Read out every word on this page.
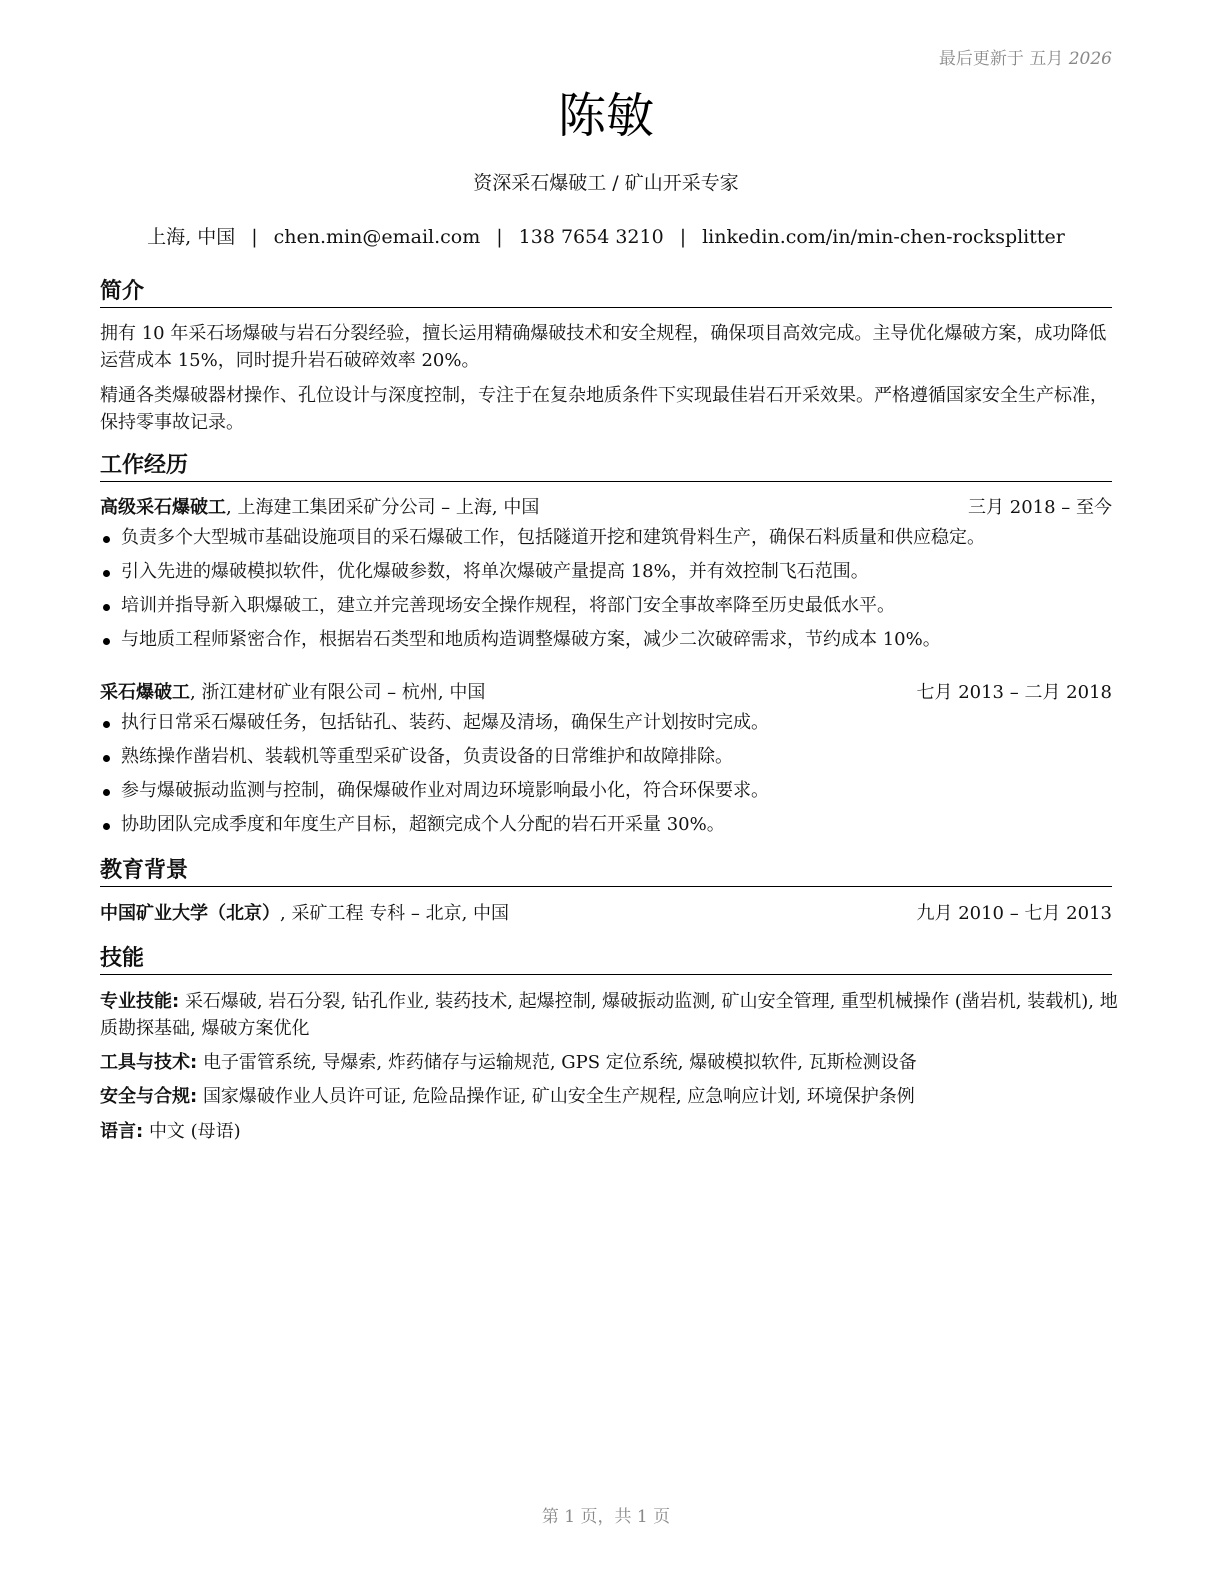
最后更新于 五月 2026
陈敏
资深采石爆破工 / 矿山开采专家
上海, 中国 | chen.min@email.com | 138 7654 3210 | linkedin.com/in/min-chen-rocksplitter
简介
拥有 10 年采石场爆破与岩石分裂经验，擅长运用精确爆破技术和安全规程，确保项目高效完成。主导优化爆破方案，成功降低运营成本 15%，同时提升岩石破碎效率 20%。
精通各类爆破器材操作、孔位设计与深度控制，专注于在复杂地质条件下实现最佳岩石开采效果。严格遵循国家安全生产标准，保持零事故记录。
工作经历
高级采石爆破工, 上海建工集团采矿分公司 – 上海, 中国	三月 2018 – 至今
负责多个大型城市基础设施项目的采石爆破工作，包括隧道开挖和建筑骨料生产，确保石料质量和供应稳定。
引入先进的爆破模拟软件，优化爆破参数，将单次爆破产量提高 18%，并有效控制飞石范围。
培训并指导新入职爆破工，建立并完善现场安全操作规程，将部门安全事故率降至历史最低水平。
与地质工程师紧密合作，根据岩石类型和地质构造调整爆破方案，减少二次破碎需求，节约成本 10%。
采石爆破工, 浙江建材矿业有限公司 – 杭州, 中国	七月 2013 – 二月 2018
执行日常采石爆破任务，包括钻孔、装药、起爆及清场，确保生产计划按时完成。
熟练操作凿岩机、装载机等重型采矿设备，负责设备的日常维护和故障排除。
参与爆破振动监测与控制，确保爆破作业对周边环境影响最小化，符合环保要求。
协助团队完成季度和年度生产目标，超额完成个人分配的岩石开采量 30%。
教育背景
中国矿业大学（北京）, 采矿工程 专科 – 北京, 中国	九月 2010 – 七月 2013
技能
专业技能: 采石爆破, 岩石分裂, 钻孔作业, 装药技术, 起爆控制, 爆破振动监测, 矿山安全管理, 重型机械操作 (凿岩机, 装载机), 地质勘探基础, 爆破方案优化
工具与技术: 电子雷管系统, 导爆索, 炸药储存与运输规范, GPS 定位系统, 爆破模拟软件, 瓦斯检测设备
安全与合规: 国家爆破作业人员许可证, 危险品操作证, 矿山安全生产规程, 应急响应计划, 环境保护条例
语言: 中文 (母语)
第 1 页，共 1 页
